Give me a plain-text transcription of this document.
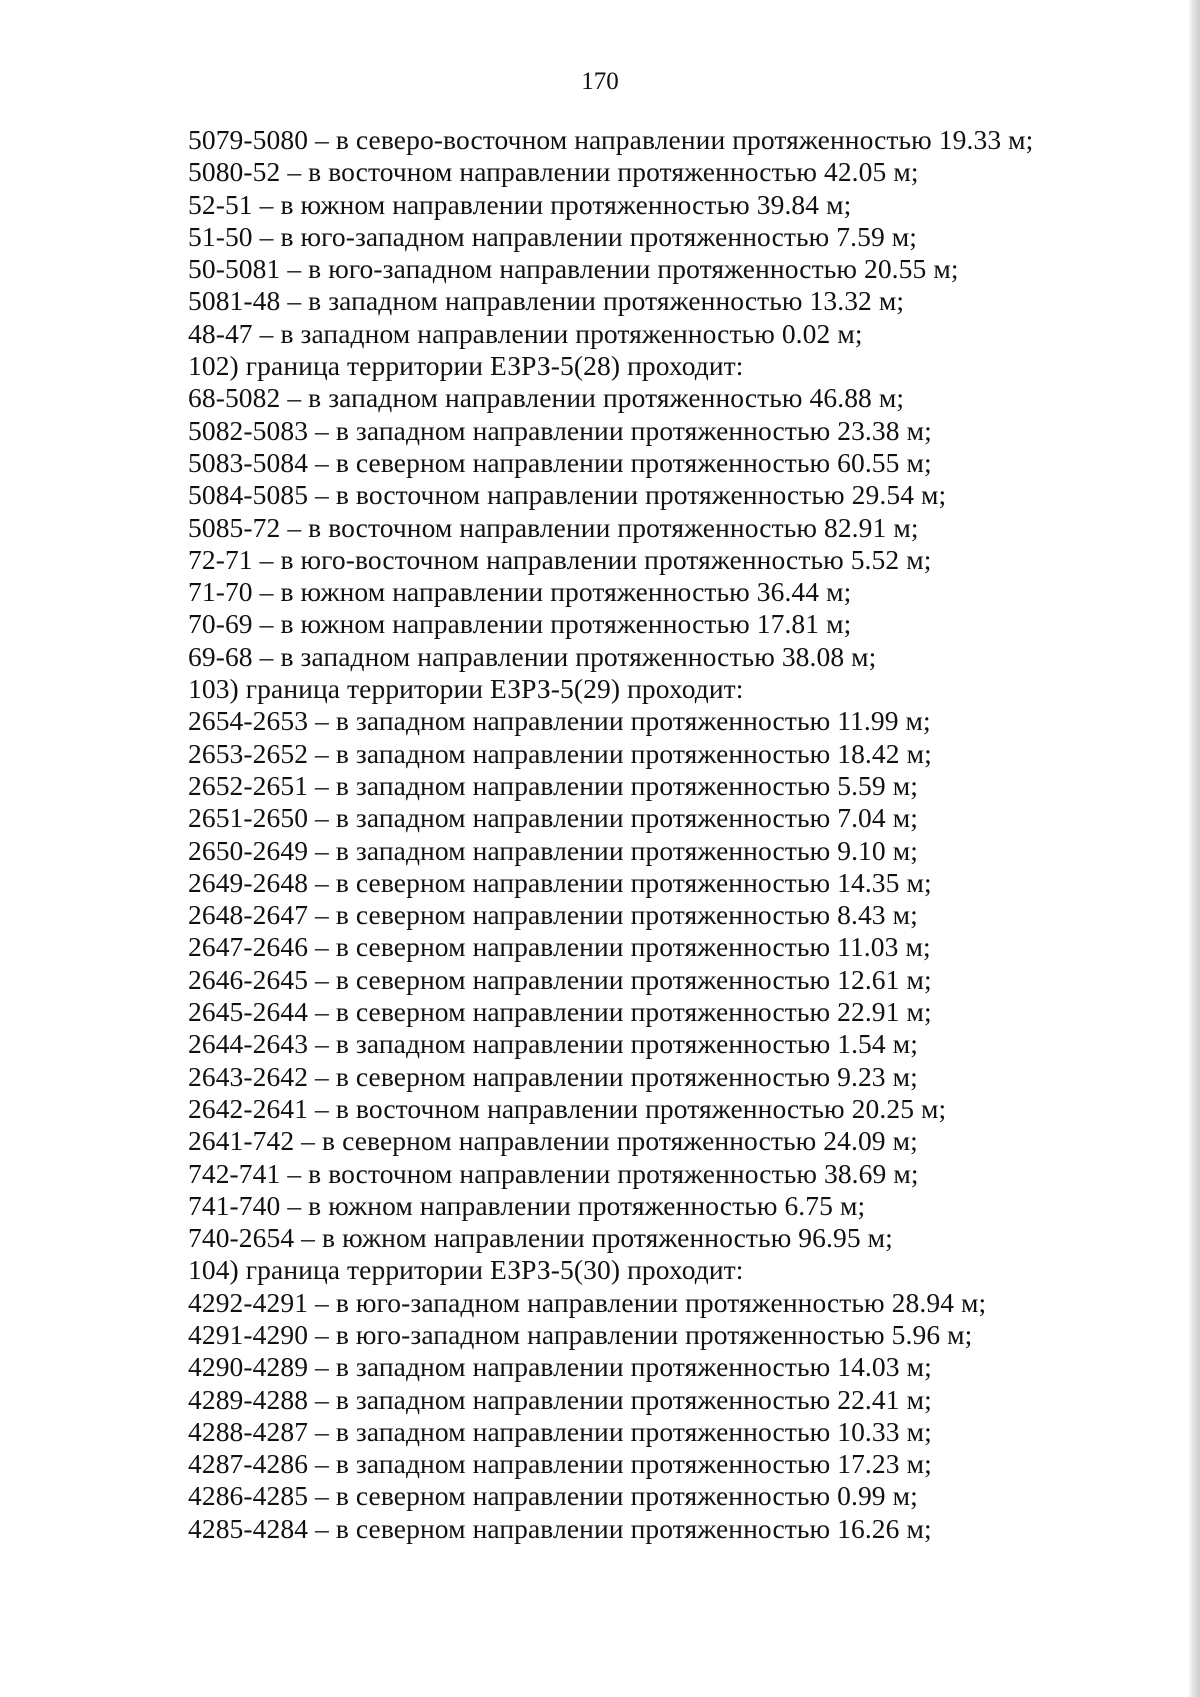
170

5079-5080 – в северо-восточном направлении протяженностью 19.33 м;
5080-52 – в восточном направлении протяженностью 42.05 м;
52-51 – в южном направлении протяженностью 39.84 м;
51-50 – в юго-западном направлении протяженностью 7.59 м;
50-5081 – в юго-западном направлении протяженностью 20.55 м;
5081-48 – в западном направлении протяженностью 13.32 м;
48-47 – в западном направлении протяженностью 0.02 м;
102) граница территории ЕЗРЗ-5(28) проходит:
68-5082 – в западном направлении протяженностью 46.88 м;
5082-5083 – в западном направлении протяженностью 23.38 м;
5083-5084 – в северном направлении протяженностью 60.55 м;
5084-5085 – в восточном направлении протяженностью 29.54 м;
5085-72 – в восточном направлении протяженностью 82.91 м;
72-71 – в юго-восточном направлении протяженностью 5.52 м;
71-70 – в южном направлении протяженностью 36.44 м;
70-69 – в южном направлении протяженностью 17.81 м;
69-68 – в западном направлении протяженностью 38.08 м;
103) граница территории ЕЗРЗ-5(29) проходит:
2654-2653 – в западном направлении протяженностью 11.99 м;
2653-2652 – в западном направлении протяженностью 18.42 м;
2652-2651 – в западном направлении протяженностью 5.59 м;
2651-2650 – в западном направлении протяженностью 7.04 м;
2650-2649 – в западном направлении протяженностью 9.10 м;
2649-2648 – в северном направлении протяженностью 14.35 м;
2648-2647 – в северном направлении протяженностью 8.43 м;
2647-2646 – в северном направлении протяженностью 11.03 м;
2646-2645 – в северном направлении протяженностью 12.61 м;
2645-2644 – в северном направлении протяженностью 22.91 м;
2644-2643 – в западном направлении протяженностью 1.54 м;
2643-2642 – в северном направлении протяженностью 9.23 м;
2642-2641 – в восточном направлении протяженностью 20.25 м;
2641-742 – в северном направлении протяженностью 24.09 м;
742-741 – в восточном направлении протяженностью 38.69 м;
741-740 – в южном направлении протяженностью 6.75 м;
740-2654 – в южном направлении протяженностью 96.95 м;
104) граница территории ЕЗРЗ-5(30) проходит:
4292-4291 – в юго-западном направлении протяженностью 28.94 м;
4291-4290 – в юго-западном направлении протяженностью 5.96 м;
4290-4289 – в западном направлении протяженностью 14.03 м;
4289-4288 – в западном направлении протяженностью 22.41 м;
4288-4287 – в западном направлении протяженностью 10.33 м;
4287-4286 – в западном направлении протяженностью 17.23 м;
4286-4285 – в северном направлении протяженностью 0.99 м;
4285-4284 – в северном направлении протяженностью 16.26 м;
